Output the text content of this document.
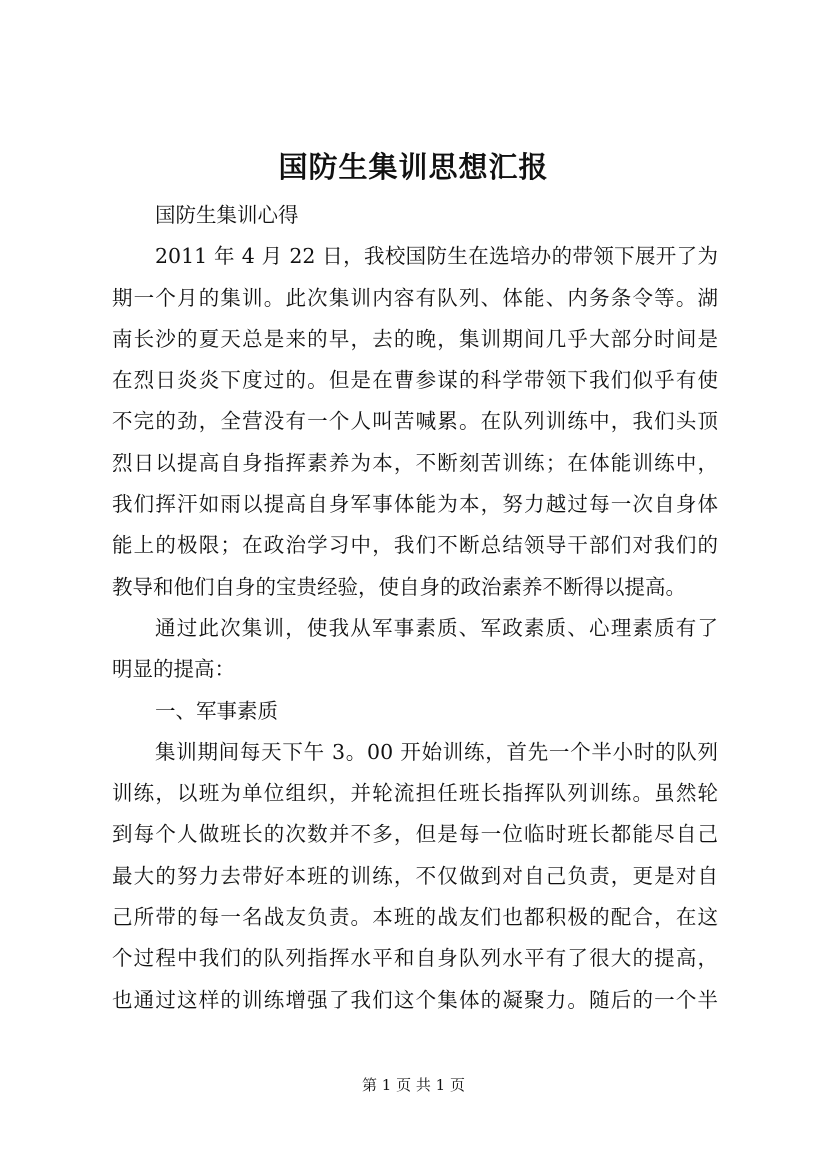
国防生集训思想汇报
国防生集训心得
2011 年 4 月 22 日，我校国防生在选培办的带领下展开了为
期一个月的集训。此次集训内容有队列、体能、内务条令等。湖
南长沙的夏天总是来的早，去的晚，集训期间几乎大部分时间是
在烈日炎炎下度过的。但是在曹参谋的科学带领下我们似乎有使
不完的劲，全营没有一个人叫苦喊累。在队列训练中，我们头顶
烈日以提高自身指挥素养为本，不断刻苦训练；在体能训练中，
我们挥汗如雨以提高自身军事体能为本，努力越过每一次自身体
能上的极限；在政治学习中，我们不断总结领导干部们对我们的
教导和他们自身的宝贵经验，使自身的政治素养不断得以提高。
通过此次集训，使我从军事素质、军政素质、心理素质有了
明显的提高：
一、军事素质
集训期间每天下午 3。00 开始训练，首先一个半小时的队列
训练，以班为单位组织，并轮流担任班长指挥队列训练。虽然轮
到每个人做班长的次数并不多，但是每一位临时班长都能尽自己
最大的努力去带好本班的训练，不仅做到对自己负责，更是对自
己所带的每一名战友负责。本班的战友们也都积极的配合，在这
个过程中我们的队列指挥水平和自身队列水平有了很大的提高，
也通过这样的训练增强了我们这个集体的凝聚力。随后的一个半
第 1 页 共 1 页
